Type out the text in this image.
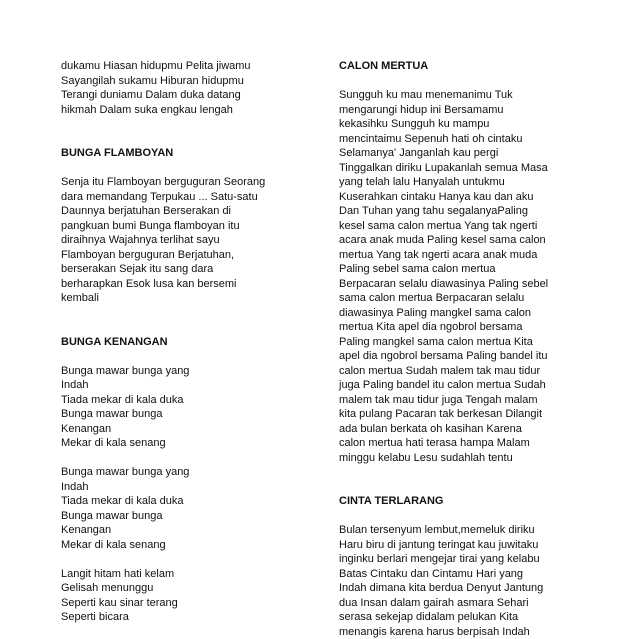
dukamu Hiasan hidupmu Pelita jiwamu
Sayangilah sukamu Hiburan hidupmu
Terangi duniamu Dalam duka datang
hikmah Dalam suka engkau lengah
BUNGA FLAMBOYAN
Senja itu Flamboyan berguguran Seorang
dara memandang Terpukau ... Satu-satu
Daunnya berjatuhan Berserakan di
pangkuan bumi Bunga flamboyan itu
diraihnya Wajahnya terlihat sayu
Flamboyan berguguran Berjatuhan,
berserakan Sejak itu sang dara
berharapkan Esok lusa kan bersemi
kembali
BUNGA KENANGAN
Bunga mawar bunga yang
Indah
Tiada mekar di kala duka
Bunga mawar bunga
Kenangan
Mekar di kala senang
Bunga mawar bunga yang
Indah
Tiada mekar di kala duka
Bunga mawar bunga
Kenangan
Mekar di kala senang
Langit hitam hati kelam
Gelisah menunggu
Seperti kau sinar terang
Seperti bicara
CALON MERTUA
Sungguh ku mau menemanimu Tuk
mengarungi hidup ini Bersamamu
kekasihku Sungguh ku mampu
mencintaimu Sepenuh hati oh cintaku
Selamanya' Janganlah kau pergi
Tinggalkan diriku Lupakanlah semua Masa
yang telah lalu Hanyalah untukmu
Kuserahkan cintaku Hanya kau dan aku
Dan Tuhan yang tahu segalanyaPaling
kesel sama calon mertua Yang tak ngerti
acara anak muda Paling kesel sama calon
mertua Yang tak ngerti acara anak muda
Paling sebel sama calon mertua
Berpacaran selalu diawasinya Paling sebel
sama calon mertua Berpacaran selalu
diawasinya Paling mangkel sama calon
mertua Kita apel dia ngobrol bersama
Paling mangkel sama calon mertua Kita
apel dia ngobrol bersama Paling bandel itu
calon mertua Sudah malem tak mau tidur
juga Paling bandel itu calon mertua Sudah
malem tak mau tidur juga Tengah malam
kita pulang Pacaran tak berkesan Dilangit
ada bulan berkata oh kasihan Karena
calon mertua hati terasa hampa Malam
minggu kelabu Lesu sudahlah tentu
CINTA TERLARANG
Bulan tersenyum lembut,memeluk diriku
Haru biru di jantung teringat kau juwitaku
inginku berlari mengejar tirai yang kelabu
Batas Cintaku dan Cintamu Hari yang
Indah dimana kita berdua Denyut Jantung
dua Insan dalam gairah asmara Sehari
serasa sekejap didalam pelukan Kita
menangis karena harus berpisah Indah
